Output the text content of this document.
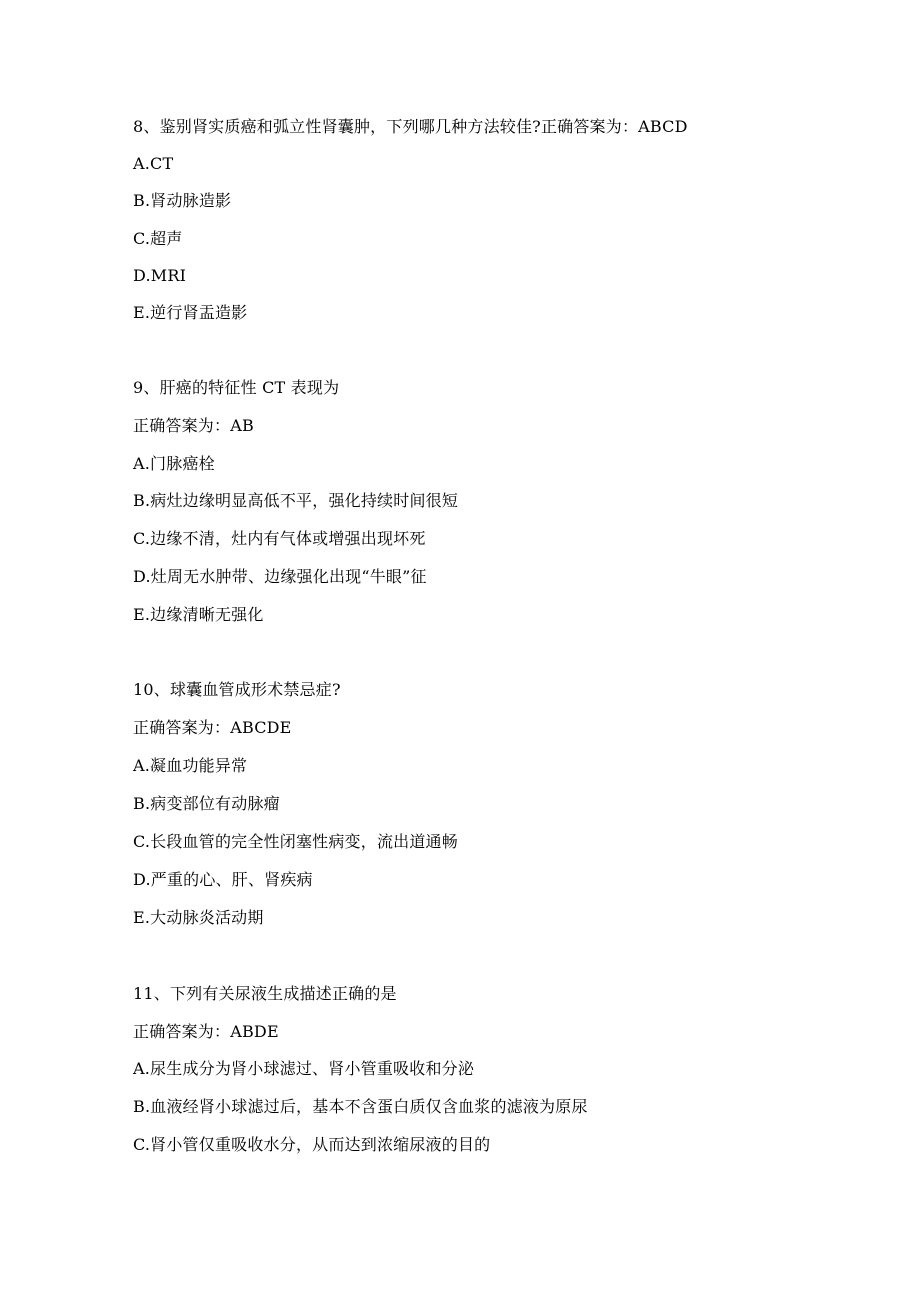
8、鉴别肾实质癌和弧立性肾囊肿，下列哪几种方法较佳?正确答案为：ABCD
A.CT
B.肾动脉造影
C.超声
D.MRI
E.逆行肾盂造影
9、肝癌的特征性 CT 表现为
正确答案为：AB
A.门脉癌栓
B.病灶边缘明显高低不平，强化持续时间很短
C.边缘不清，灶内有气体或增强出现坏死
D.灶周无水肿带、边缘强化出现“牛眼”征
E.边缘清晰无强化
10、球囊血管成形术禁忌症?
正确答案为：ABCDE
A.凝血功能异常
B.病变部位有动脉瘤
C.长段血管的完全性闭塞性病变，流出道通畅
D.严重的心、肝、肾疾病
E.大动脉炎活动期
11、下列有关尿液生成描述正确的是
正确答案为：ABDE
A.尿生成分为肾小球滤过、肾小管重吸收和分泌
B.血液经肾小球滤过后，基本不含蛋白质仅含血浆的滤液为原尿
C.肾小管仅重吸收水分，从而达到浓缩尿液的目的
